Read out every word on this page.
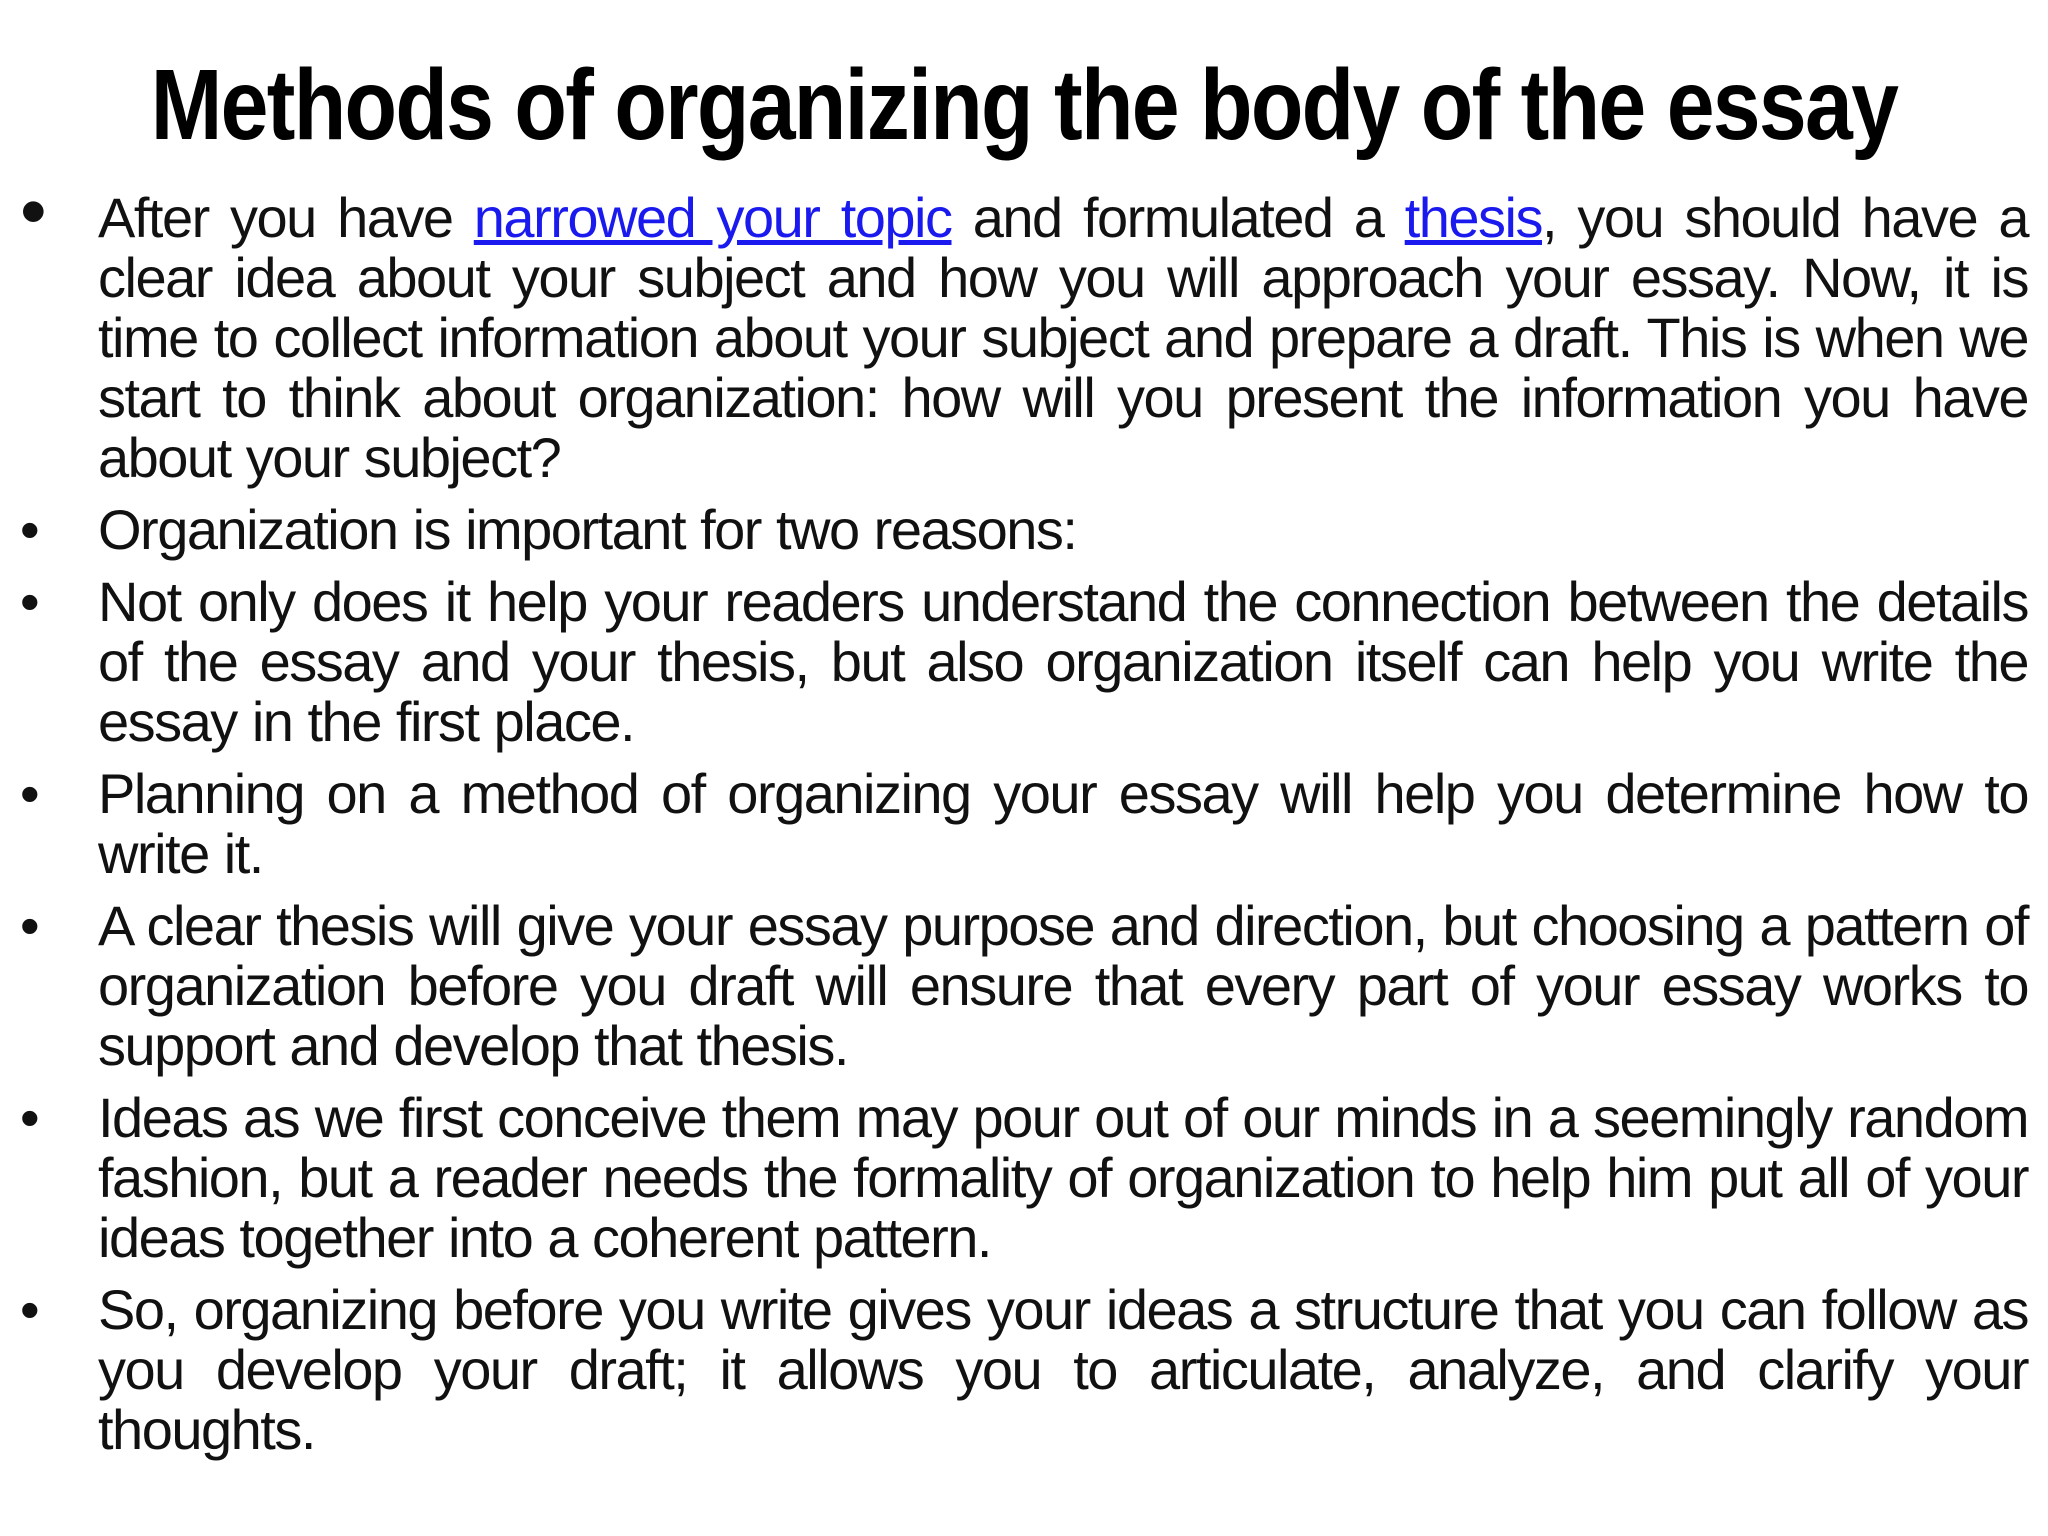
Methods of organizing the body of the essay
• After you have narrowed your topic and formulated a thesis, you should have a clear idea about your subject and how you will approach your essay. Now, it is time to collect information about your subject and prepare a draft. This is when we start to think about organization: how will you present the information you have about your subject?
•	Organization is important for two reasons:
•	Not only does it help your readers understand the connection between the details of the essay and your thesis, but also organization itself can help you write the essay in the first place.
•	Planning on a method of organizing your essay will help you determine how to write it.
•	A clear thesis will give your essay purpose and direction, but choosing a pattern of organization before you draft will ensure that every part of your essay works to support and develop that thesis.
•	Ideas as we first conceive them may pour out of our minds in a seemingly random fashion, but a reader needs the formality of organization to help him put all of your ideas together into a coherent pattern.
•	So, organizing before you write gives your ideas a structure that you can follow as you develop your draft; it allows you to articulate, analyze, and clarify your thoughts.
